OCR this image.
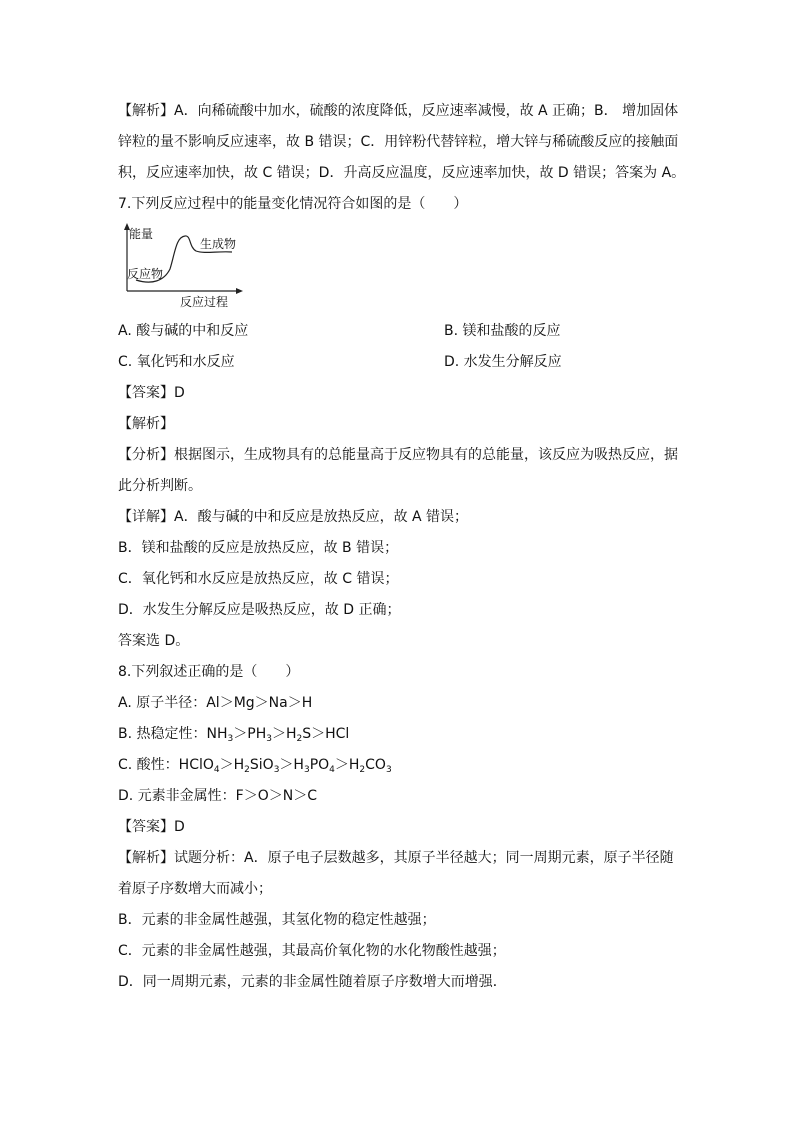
【解析】A．向稀硫酸中加水，硫酸的浓度降低，反应速率减慢，故 A 正确；B． 增加固体
锌粒的量不影响反应速率，故 B 错误；C．用锌粉代替锌粒，增大锌与稀硫酸反应的接触面
积，反应速率加快，故 C 错误；D．升高反应温度，反应速率加快，故 D 错误；答案为 A。
7.下列反应过程中的能量变化情况符合如图的是（　　）
能量
生成物
反应物
反应过程
A. 酸与碱的中和反应	B. 镁和盐酸的反应
C. 氧化钙和水反应	D. 水发生分解反应
【答案】D
【解析】
【分析】根据图示，生成物具有的总能量高于反应物具有的总能量，该反应为吸热反应，据
此分析判断。
【详解】A．酸与碱的中和反应是放热反应，故 A 错误；
B．镁和盐酸的反应是放热反应，故 B 错误；
C．氧化钙和水反应是放热反应，故 C 错误；
D．水发生分解反应是吸热反应，故 D 正确；
答案选 D。
8.下列叙述正确的是（　　）
A. 原子半径：Al＞Mg＞Na＞H
B. 热稳定性：$NH_3>PH_3>H_2S>HCl$
C. 酸性：$HClO_4>H_2SiO_3>H_3PO_4>H_2CO_3$
D. 元素非金属性：F＞O＞N＞C
【答案】D
【解析】试题分析：A．原子电子层数越多，其原子半径越大；同一周期元素，原子半径随
着原子序数增大而减小；
B．元素的非金属性越强，其氢化物的稳定性越强；
C．元素的非金属性越强，其最高价氧化物的水化物酸性越强；
D．同一周期元素，元素的非金属性随着原子序数增大而增强．
